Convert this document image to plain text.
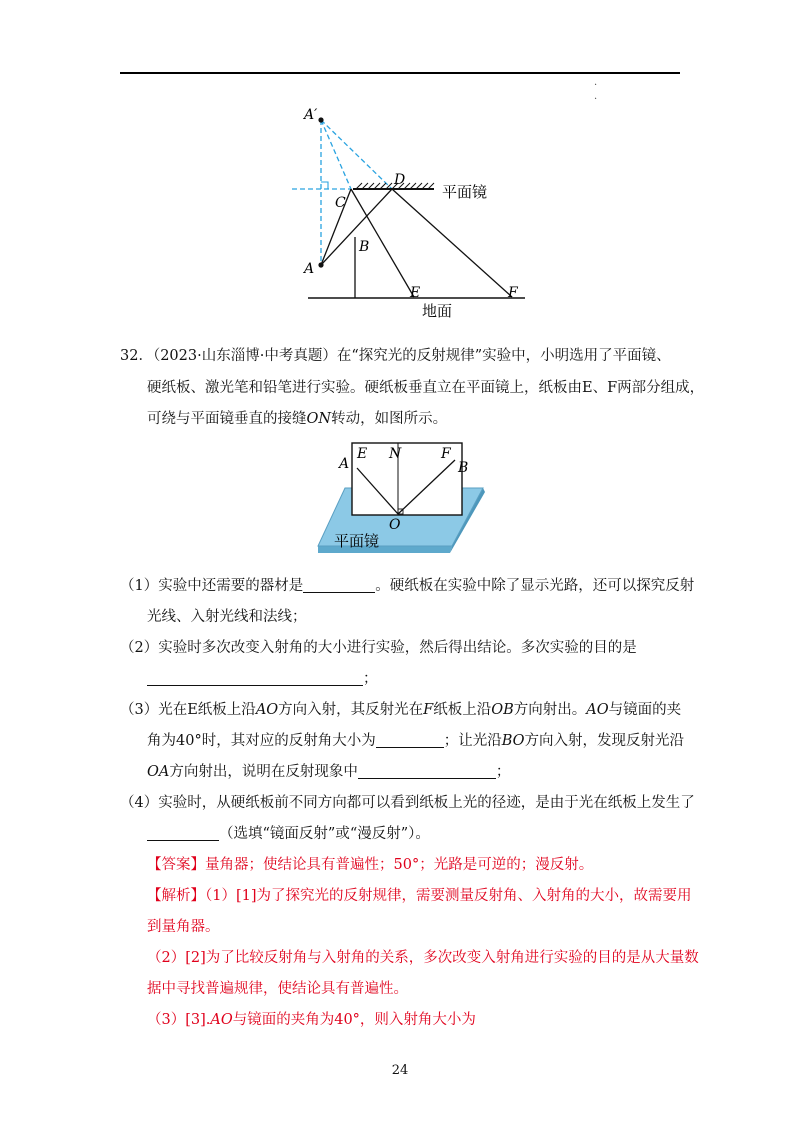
·
·
A′
D
C
B
A
E	F
平面镜
地面
32．（2023·山东淄博·中考真题）在“探究光的反射规律”实验中，小明选用了平面镜、
硬纸板、激光笔和铅笔进行实验。硬纸板垂直立在平面镜上，纸板由E、F两部分组成，
可绕与平面镜垂直的接缝ON转动，如图所示。
E N	F
A	B
O
平面镜
（1）实验中还需要的器材是	。硬纸板在实验中除了显示光路，还可以探究反射
光线、入射光线和法线；
（2）实验时多次改变入射角的大小进行实验，然后得出结论。多次实验的目的是
；
（3）光在E纸板上沿AO方向入射，其反射光在F纸板上沿OB方向射出。AO与镜面的夹
角为40°时，其对应的反射角大小为	；让光沿BO方向入射，发现反射光沿
OA方向射出，说明在反射现象中	；
（4）实验时，从硬纸板前不同方向都可以看到纸板上光的径迹，是由于光在纸板上发生了
（选填“镜面反射”或“漫反射”）。
【答案】量角器；使结论具有普遍性；50°；光路是可逆的；漫反射。
【解析】（1）[1]为了探究光的反射规律，需要测量反射角、入射角的大小，故需要用
到量角器。
（2）[2]为了比较反射角与入射角的关系，多次改变入射角进行实验的目的是从大量数
据中寻找普遍规律，使结论具有普遍性。
（3）[3].AO与镜面的夹角为40°，则入射角大小为
24
